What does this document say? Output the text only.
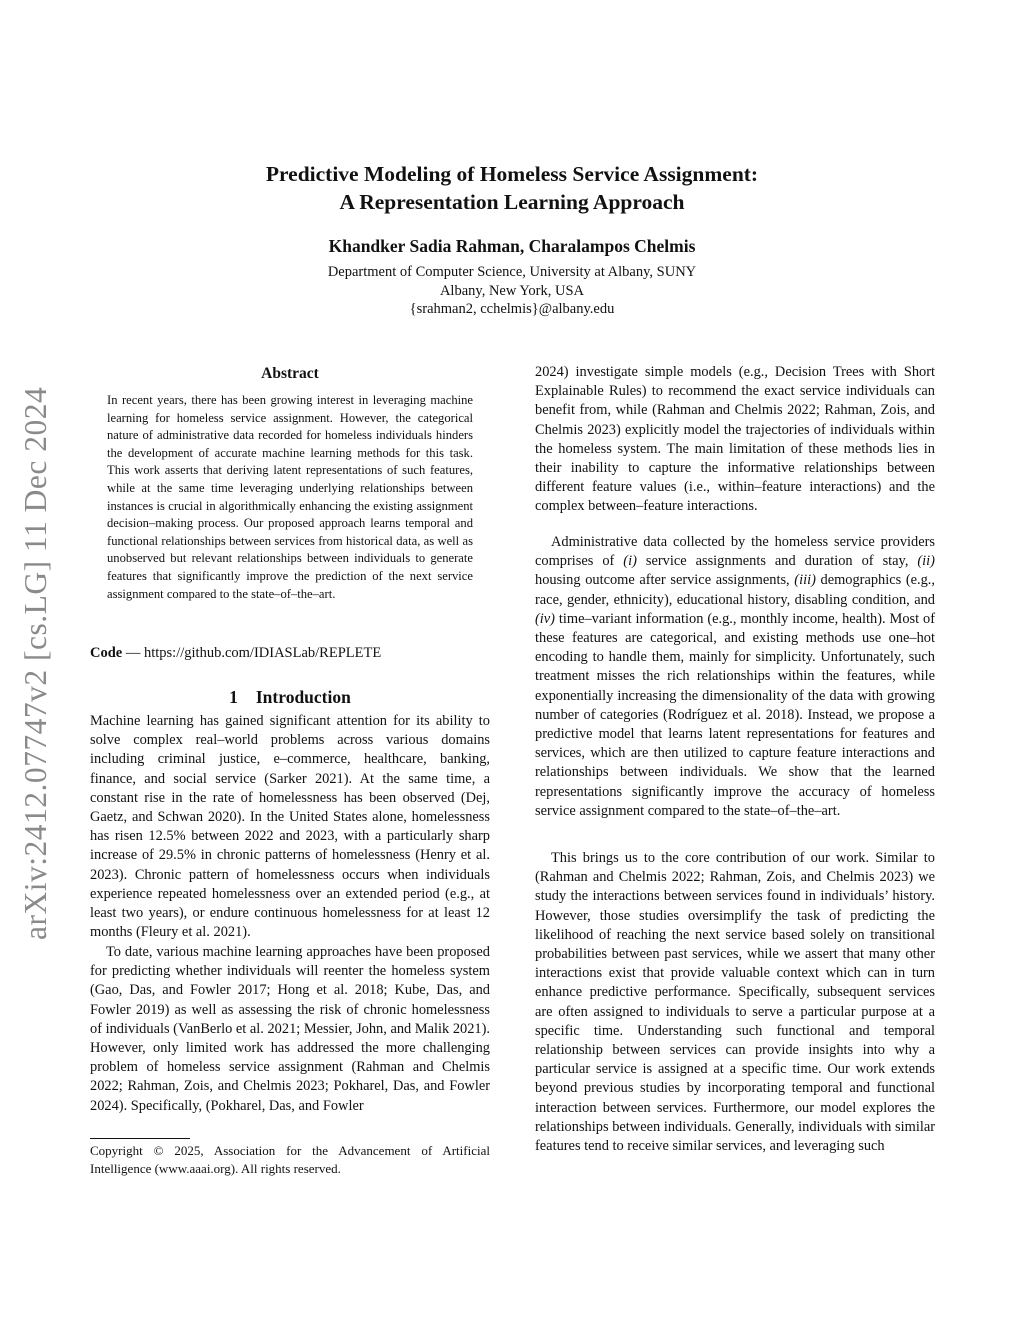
arXiv:2412.07747v2 [cs.LG] 11 Dec 2024
Predictive Modeling of Homeless Service Assignment:
A Representation Learning Approach
Khandker Sadia Rahman, Charalampos Chelmis
Department of Computer Science, University at Albany, SUNY
Albany, New York, USA
{srahman2, cchelmis}@albany.edu
Abstract
In recent years, there has been growing interest in leveraging machine learning for homeless service assignment. However, the categorical nature of administrative data recorded for homeless individuals hinders the development of accurate machine learning methods for this task. This work asserts that deriving latent representations of such features, while at the same time leveraging underlying relationships between instances is crucial in algorithmically enhancing the existing assignment decision–making process. Our proposed approach learns temporal and functional relationships between services from historical data, as well as unobserved but relevant relationships between individuals to generate features that significantly improve the prediction of the next service assignment compared to the state–of–the–art.
Code — https://github.com/IDIASLab/REPLETE
1 Introduction
Machine learning has gained significant attention for its ability to solve complex real–world problems across various domains including criminal justice, e–commerce, healthcare, banking, finance, and social service (Sarker 2021). At the same time, a constant rise in the rate of homelessness has been observed (Dej, Gaetz, and Schwan 2020). In the United States alone, homelessness has risen 12.5% between 2022 and 2023, with a particularly sharp increase of 29.5% in chronic patterns of homelessness (Henry et al. 2023). Chronic pattern of homelessness occurs when individuals experience repeated homelessness over an extended period (e.g., at least two years), or endure continuous homelessness for at least 12 months (Fleury et al. 2021).
To date, various machine learning approaches have been proposed for predicting whether individuals will reenter the homeless system (Gao, Das, and Fowler 2017; Hong et al. 2018; Kube, Das, and Fowler 2019) as well as assessing the risk of chronic homelessness of individuals (VanBerlo et al. 2021; Messier, John, and Malik 2021). However, only limited work has addressed the more challenging problem of homeless service assignment (Rahman and Chelmis 2022; Rahman, Zois, and Chelmis 2023; Pokharel, Das, and Fowler 2024). Specifically, (Pokharel, Das, and Fowler
Copyright © 2025, Association for the Advancement of Artificial Intelligence (www.aaai.org). All rights reserved.
2024) investigate simple models (e.g., Decision Trees with Short Explainable Rules) to recommend the exact service individuals can benefit from, while (Rahman and Chelmis 2022; Rahman, Zois, and Chelmis 2023) explicitly model the trajectories of individuals within the homeless system. The main limitation of these methods lies in their inability to capture the informative relationships between different feature values (i.e., within–feature interactions) and the complex between–feature interactions.
Administrative data collected by the homeless service providers comprises of (i) service assignments and duration of stay, (ii) housing outcome after service assignments, (iii) demographics (e.g., race, gender, ethnicity), educational history, disabling condition, and (iv) time–variant information (e.g., monthly income, health). Most of these features are categorical, and existing methods use one–hot encoding to handle them, mainly for simplicity. Unfortunately, such treatment misses the rich relationships within the features, while exponentially increasing the dimensionality of the data with growing number of categories (Rodríguez et al. 2018). Instead, we propose a predictive model that learns latent representations for features and services, which are then utilized to capture feature interactions and relationships between individuals. We show that the learned representations significantly improve the accuracy of homeless service assignment compared to the state–of–the–art.
This brings us to the core contribution of our work. Similar to (Rahman and Chelmis 2022; Rahman, Zois, and Chelmis 2023) we study the interactions between services found in individuals’ history. However, those studies oversimplify the task of predicting the likelihood of reaching the next service based solely on transitional probabilities between past services, while we assert that many other interactions exist that provide valuable context which can in turn enhance predictive performance. Specifically, subsequent services are often assigned to individuals to serve a particular purpose at a specific time. Understanding such functional and temporal relationship between services can provide insights into why a particular service is assigned at a specific time. Our work extends beyond previous studies by incorporating temporal and functional interaction between services. Furthermore, our model explores the relationships between individuals. Generally, individuals with similar features tend to receive similar services, and leveraging such
